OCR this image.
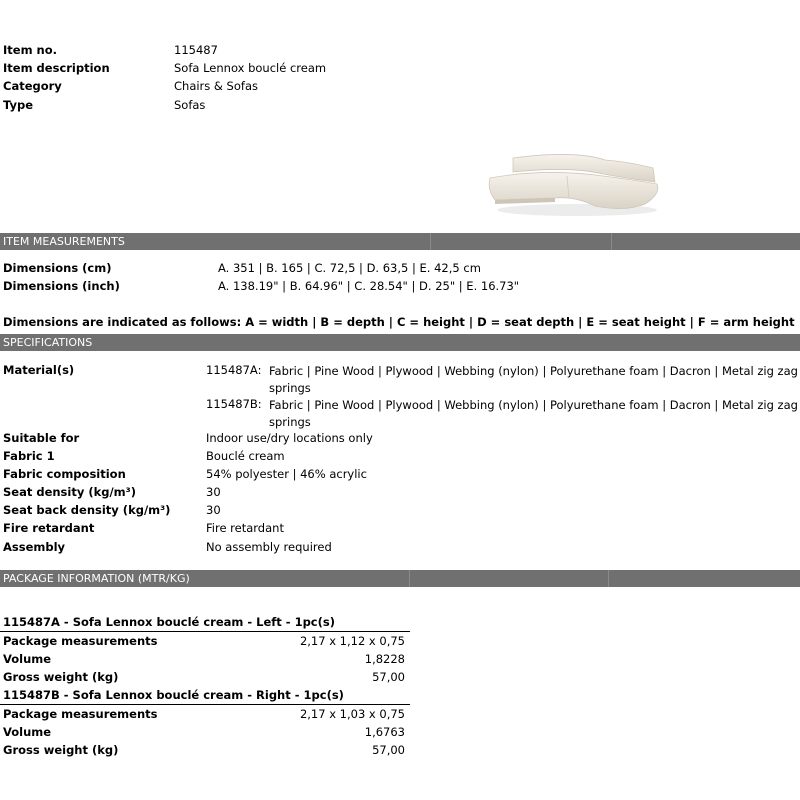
Item no.	115487
Item description	Sofa Lennox bouclé cream
Category	Chairs & Sofas
Type	Sofas
ITEM MEASUREMENTS
Dimensions (cm)	A. 351 | B. 165 | C. 72,5 | D. 63,5 | E. 42,5 cm
Dimensions (inch)	A. 138.19" | B. 64.96" | C. 28.54" | D. 25" | E. 16.73"
Dimensions are indicated as follows: A = width | B = depth | C = height | D = seat depth | E = seat height | F = arm height
SPECIFICATIONS
Material(s)	115487A: Fabric | Pine Wood | Plywood | Webbing (nylon) | Polyurethane foam | Dacron | Metal zig zag springs
115487B: Fabric | Pine Wood | Plywood | Webbing (nylon) | Polyurethane foam | Dacron | Metal zig zag springs
Suitable for	Indoor use/dry locations only
Fabric 1	Bouclé cream
Fabric composition	54% polyester | 46% acrylic
Seat density (kg/m³)	30
Seat back density (kg/m³)	30
Fire retardant	Fire retardant
Assembly	No assembly required
PACKAGE INFORMATION (MTR/KG)
115487A - Sofa Lennox bouclé cream - Left - 1pc(s)
Package measurements	2,17 x 1,12 x 0,75
Volume	1,8228
Gross weight (kg)	57,00
115487B - Sofa Lennox bouclé cream - Right - 1pc(s)
Package measurements	2,17 x 1,03 x 0,75
Volume	1,6763
Gross weight (kg)	57,00
